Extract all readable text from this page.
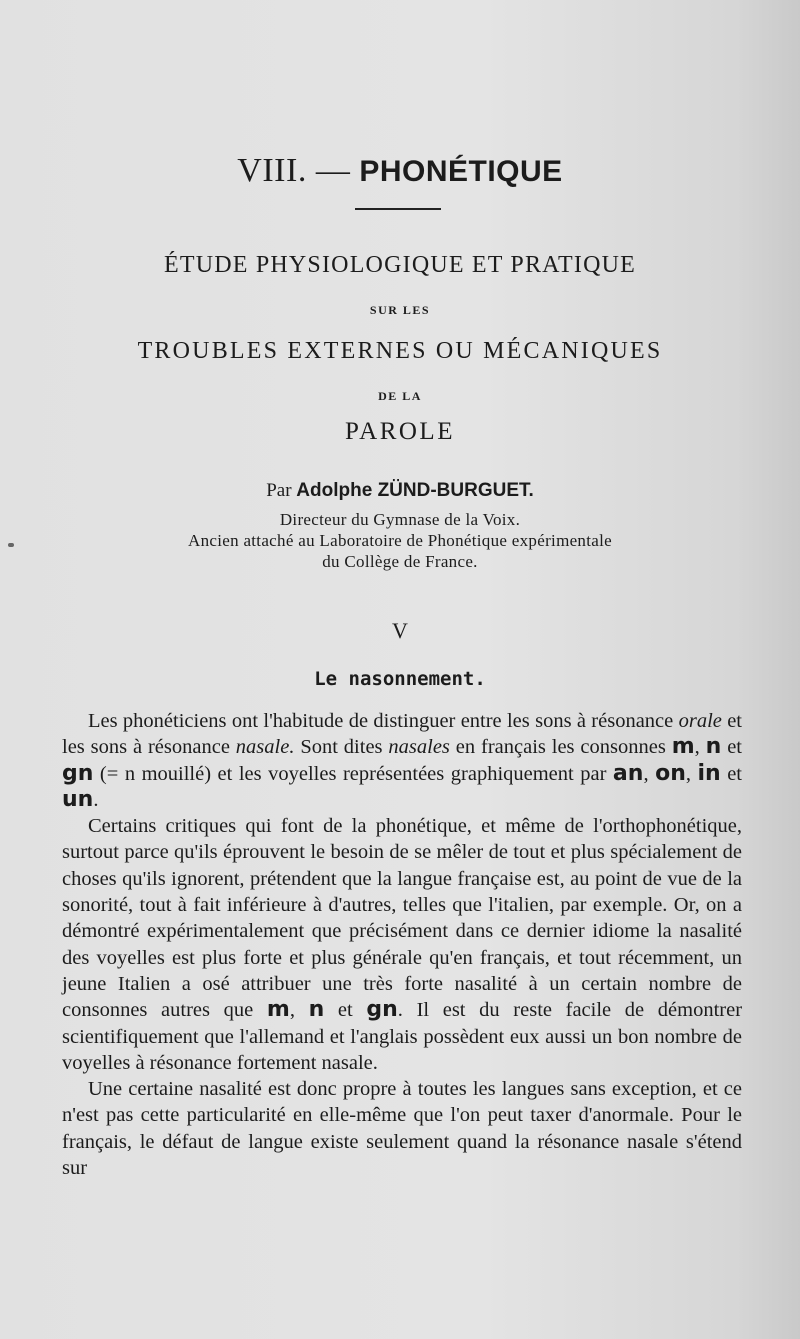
VIII. — PHONÉTIQUE
ÉTUDE PHYSIOLOGIQUE ET PRATIQUE
SUR LES
TROUBLES EXTERNES OU MÉCANIQUES
DE LA
PAROLE
Par Adolphe ZÜND-BURGUET.
Directeur du Gymnase de la Voix.
Ancien attaché au Laboratoire de Phonétique expérimentale
du Collège de France.
V
Le nasonnement.

Les phonéticiens ont l'habitude de distinguer entre les sons à résonance orale et les sons à résonance nasale. Sont dites nasales en français les consonnes m, n et gn (= n mouillé) et les voyelles représentées graphiquement par an, on, in et un.

Certains critiques qui font de la phonétique, et même de l'orthophonétique, surtout parce qu'ils éprouvent le besoin de se mêler de tout et plus spécialement de choses qu'ils ignorent, prétendent que la langue française est, au point de vue de la sonorité, tout à fait inférieure à d'autres, telles que l'italien, par exemple. Or, on a démontré expérimentalement que précisément dans ce dernier idiome la nasalité des voyelles est plus forte et plus générale qu'en français, et tout récemment, un jeune Italien a osé attribuer une très forte nasalité à un certain nombre de consonnes autres que m, n et gn. Il est du reste facile de démontrer scientifiquement que l'allemand et l'anglais possèdent eux aussi un bon nombre de voyelles à résonance fortement nasale.

Une certaine nasalité est donc propre à toutes les langues sans exception, et ce n'est pas cette particularité en elle-même que l'on peut taxer d'anormale. Pour le français, le défaut de langue existe seulement quand la résonance nasale s'étend sur
